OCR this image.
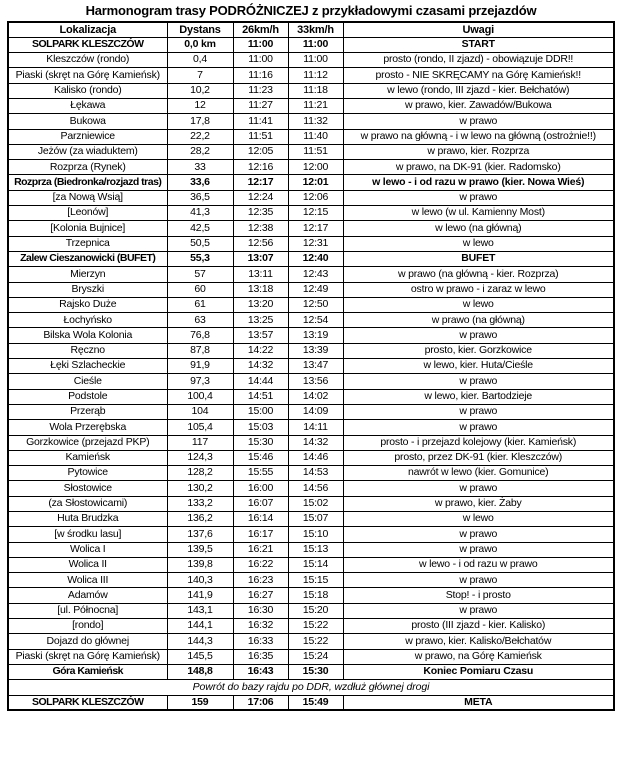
Harmonogram trasy PODRÓŻNICZEJ z przykładowymi czasami przejazdów
Lokalizacja	Dystans	26km/h	33km/h	Uwagi
SOLPARK KLESZCZÓW	0,0 km	11:00	11:00	START
Kleszczów (rondo)	0,4	11:00	11:00	prosto (rondo, II zjazd) - obowiązuje DDR!!
Piaski (skręt na Górę Kamieńsk)	7	11:16	11:12	prosto - NIE SKRĘCAMY na Górę Kamieńsk!!
Kalisko (rondo)	10,2	11:23	11:18	w lewo (rondo, III zjazd - kier. Bełchatów)
Łękawa	12	11:27	11:21	w prawo, kier. Zawadów/Bukowa
Bukowa	17,8	11:41	11:32	w prawo
Parzniewice	22,2	11:51	11:40	w prawo na główną - i w lewo na główną (ostrożnie!!)
Jeżów (za wiaduktem)	28,2	12:05	11:51	w prawo, kier. Rozprza
Rozprza (Rynek)	33	12:16	12:00	w prawo, na DK-91 (kier. Radomsko)
Rozprza (Biedronka/rozjazd tras)	33,6	12:17	12:01	w lewo - i od razu w prawo (kier. Nowa Wieś)
[za Nową Wsią]	36,5	12:24	12:06	w prawo
[Leonów]	41,3	12:35	12:15	w lewo (w ul. Kamienny Most)
[Kolonia Bujnice]	42,5	12:38	12:17	w lewo (na główną)
Trzepnica	50,5	12:56	12:31	w lewo
Zalew Cieszanowicki (BUFET)	55,3	13:07	12:40	BUFET
Mierzyn	57	13:11	12:43	w prawo (na główną - kier. Rozprza)
Bryszki	60	13:18	12:49	ostro w prawo - i zaraz w lewo
Rajsko Duże	61	13:20	12:50	w lewo
Łochyńsko	63	13:25	12:54	w prawo (na główną)
Bilska Wola Kolonia	76,8	13:57	13:19	w prawo
Ręczno	87,8	14:22	13:39	prosto, kier. Gorzkowice
Łęki Szlacheckie	91,9	14:32	13:47	w lewo, kier. Huta/Cieśle
Cieśle	97,3	14:44	13:56	w prawo
Podstole	100,4	14:51	14:02	w lewo, kier. Bartodzieje
Przerąb	104	15:00	14:09	w prawo
Wola Przerębska	105,4	15:03	14:11	w prawo
Gorzkowice (przejazd PKP)	117	15:30	14:32	prosto - i przejazd kolejowy (kier. Kamieńsk)
Kamieńsk	124,3	15:46	14:46	prosto, przez DK-91 (kier. Kleszczów)
Pytowice	128,2	15:55	14:53	nawrót w lewo (kier. Gomunice)
Słostowice	130,2	16:00	14:56	w prawo
(za Słostowicami)	133,2	16:07	15:02	w prawo, kier. Żaby
Huta Brudzka	136,2	16:14	15:07	w lewo
[w środku lasu]	137,6	16:17	15:10	w prawo
Wolica I	139,5	16:21	15:13	w prawo
Wolica II	139,8	16:22	15:14	w lewo - i od razu w prawo
Wolica III	140,3	16:23	15:15	w prawo
Adamów	141,9	16:27	15:18	Stop! - i prosto
[ul. Północna]	143,1	16:30	15:20	w prawo
[rondo]	144,1	16:32	15:22	prosto (III zjazd - kier. Kalisko)
Dojazd do głównej	144,3	16:33	15:22	w prawo, kier. Kalisko/Bełchatów
Piaski (skręt na Górę Kamieńsk)	145,5	16:35	15:24	w prawo, na Górę Kamieńsk
Góra Kamieńsk	148,8	16:43	15:30	Koniec Pomiaru Czasu
Powrót do bazy rajdu po DDR, wzdłuż głównej drogi				
SOLPARK KLESZCZÓW	159	17:06	15:49	META
